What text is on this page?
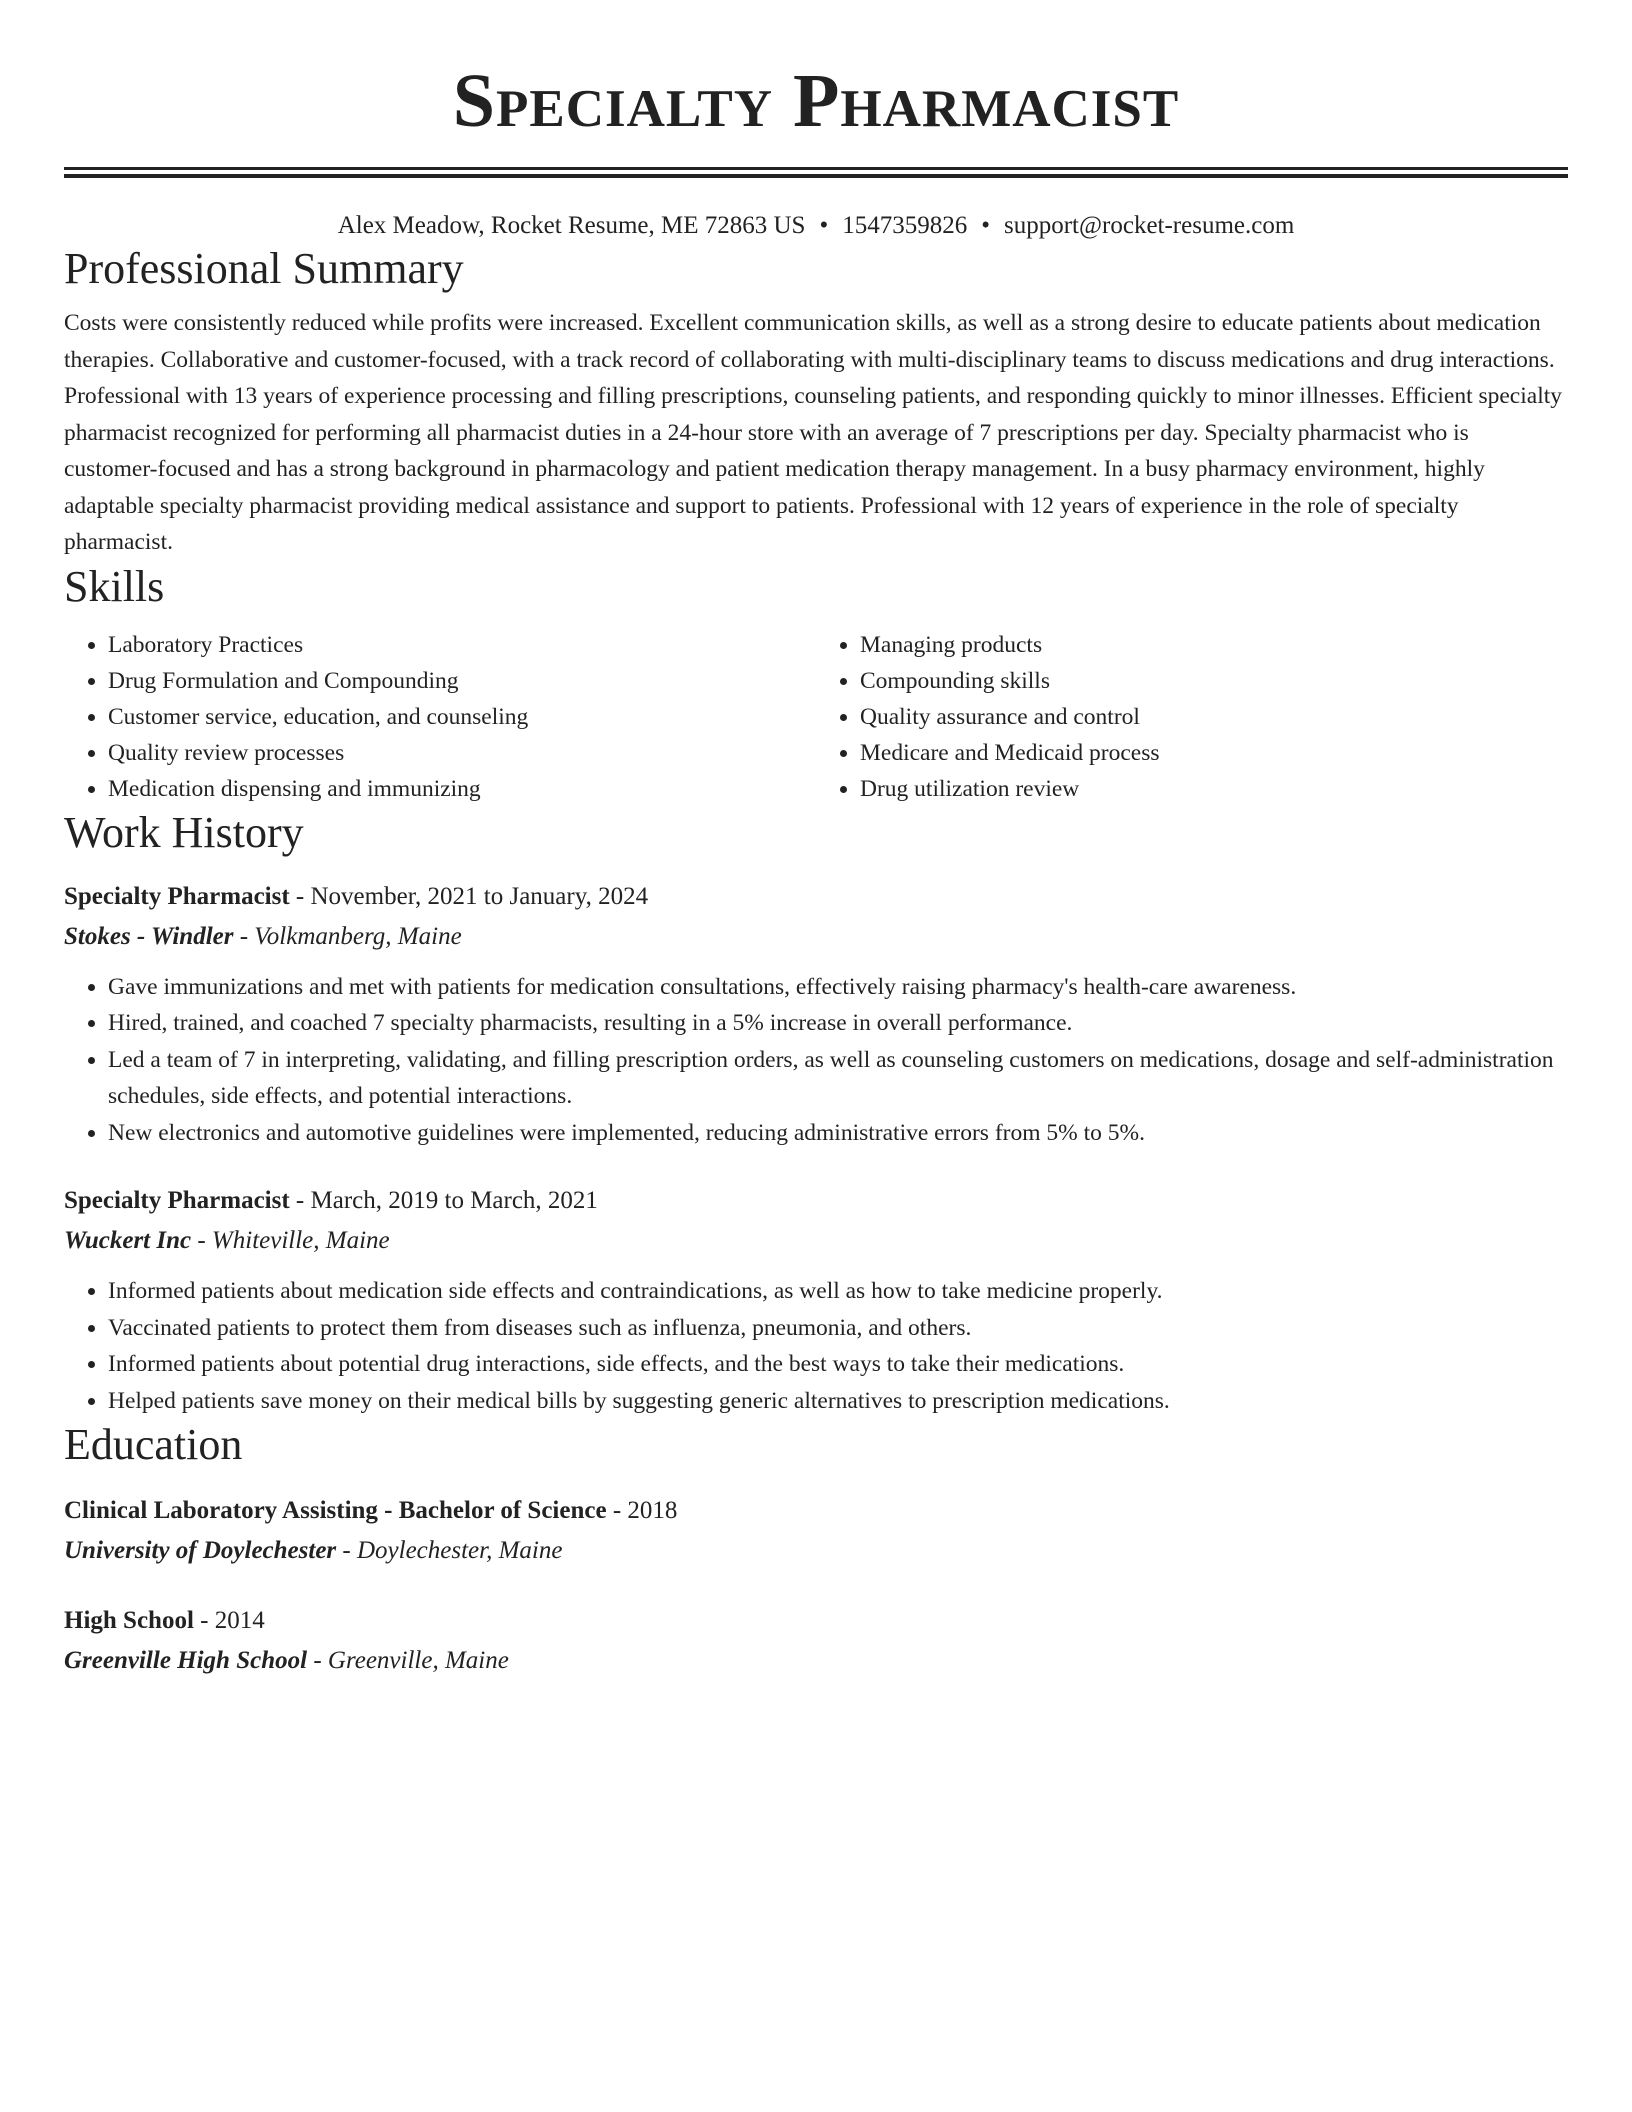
Specialty Pharmacist
Alex Meadow, Rocket Resume, ME 72863 US • 1547359826 • support@rocket-resume.com
Professional Summary

Costs were consistently reduced while profits were increased. Excellent communication skills, as well as a strong desire to educate patients about medication therapies. Collaborative and customer-focused, with a track record of collaborating with multi-disciplinary teams to discuss medications and drug interactions. Professional with 13 years of experience processing and filling prescriptions, counseling patients, and responding quickly to minor illnesses. Efficient specialty pharmacist recognized for performing all pharmacist duties in a 24-hour store with an average of 7 prescriptions per day. Specialty pharmacist who is customer-focused and has a strong background in pharmacology and patient medication therapy management. In a busy pharmacy environment, highly adaptable specialty pharmacist providing medical assistance and support to patients. Professional with 12 years of experience in the role of specialty pharmacist.

Skills
• Laboratory Practices
• Drug Formulation and Compounding
• Customer service, education, and counseling
• Quality review processes
• Medication dispensing and immunizing
• Managing products
• Compounding skills
• Quality assurance and control
• Medicare and Medicaid process
• Drug utilization review
Work History
Specialty Pharmacist - November, 2021 to January, 2024
Stokes - Windler - Volkmanberg, Maine
• Gave immunizations and met with patients for medication consultations, effectively raising pharmacy's health-care awareness.
• Hired, trained, and coached 7 specialty pharmacists, resulting in a 5% increase in overall performance.
• Led a team of 7 in interpreting, validating, and filling prescription orders, as well as counseling customers on medications, dosage and self-administration schedules, side effects, and potential interactions.
• New electronics and automotive guidelines were implemented, reducing administrative errors from 5% to 5%.
Specialty Pharmacist - March, 2019 to March, 2021
Wuckert Inc - Whiteville, Maine
• Informed patients about medication side effects and contraindications, as well as how to take medicine properly.
• Vaccinated patients to protect them from diseases such as influenza, pneumonia, and others.
• Informed patients about potential drug interactions, side effects, and the best ways to take their medications.
• Helped patients save money on their medical bills by suggesting generic alternatives to prescription medications.
Education
Clinical Laboratory Assisting - Bachelor of Science - 2018
University of Doylechester - Doylechester, Maine
High School - 2014
Greenville High School - Greenville, Maine
